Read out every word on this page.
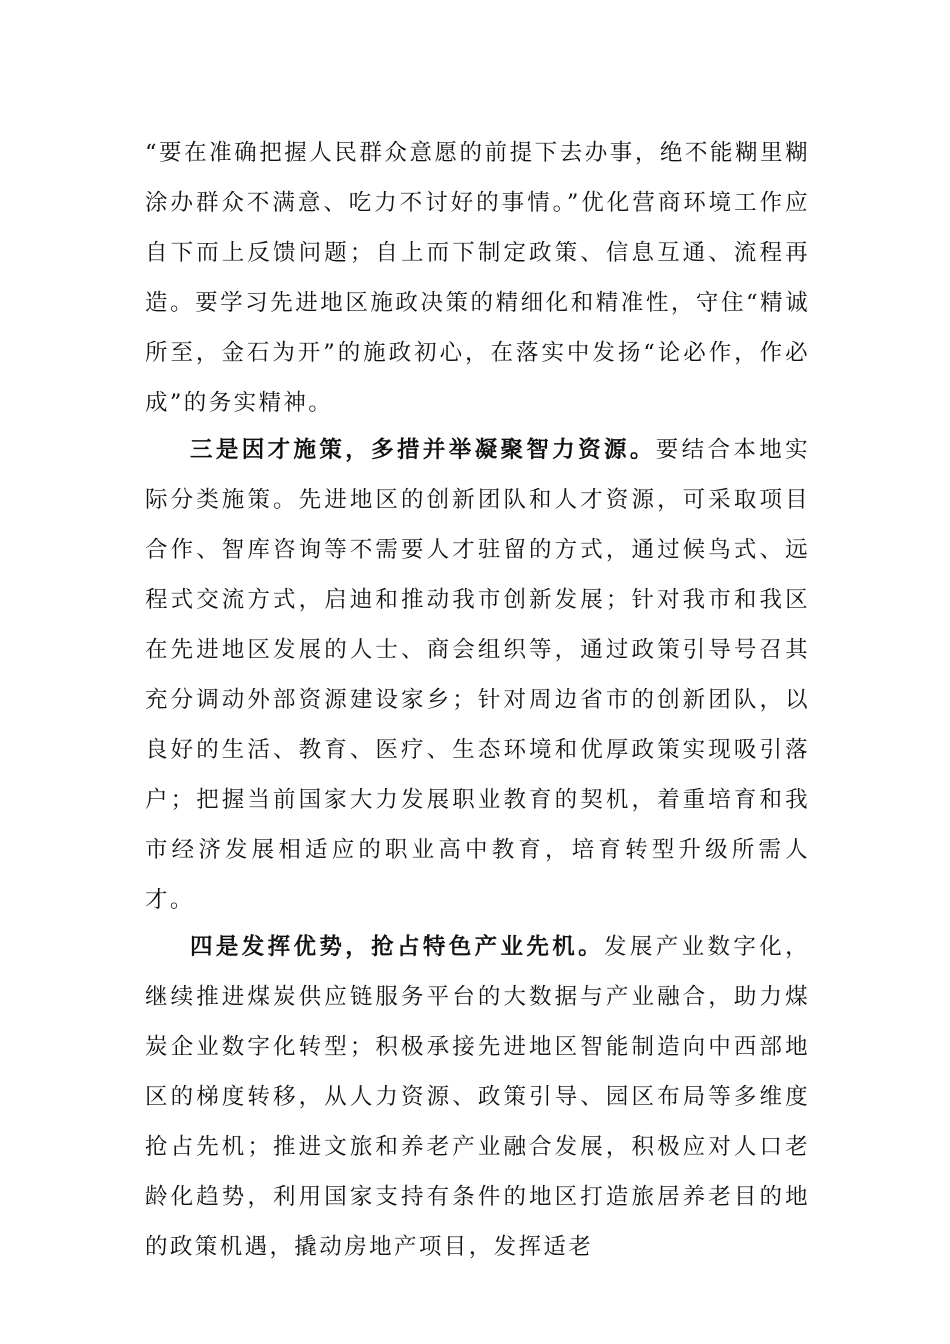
“要在准确把握人民群众意愿的前提下去办事，绝不能糊里糊涂办群众不满意、吃力不讨好的事情。”优化营商环境工作应自下而上反馈问题；自上而下制定政策、信息互通、流程再造。要学习先进地区施政决策的精细化和精准性，守住“精诚所至，金石为开”的施政初心，在落实中发扬“论必作，作必成”的务实精神。

三是因才施策，多措并举凝聚智力资源。要结合本地实际分类施策。先进地区的创新团队和人才资源，可采取项目合作、智库咨询等不需要人才驻留的方式，通过候鸟式、远程式交流方式，启迪和推动我市创新发展；针对我市和我区在先进地区发展的人士、商会组织等，通过政策引导号召其充分调动外部资源建设家乡；针对周边省市的创新团队，以良好的生活、教育、医疗、生态环境和优厚政策实现吸引落户；把握当前国家大力发展职业教育的契机，着重培育和我市经济发展相适应的职业高中教育，培育转型升级所需人才。

四是发挥优势，抢占特色产业先机。发展产业数字化，继续推进煤炭供应链服务平台的大数据与产业融合，助力煤炭企业数字化转型；积极承接先进地区智能制造向中西部地区的梯度转移，从人力资源、政策引导、园区布局等多维度抢占先机；推进文旅和养老产业融合发展，积极应对人口老龄化趋势，利用国家支持有条件的地区打造旅居养老目的地的政策机遇，撬动房地产项目，发挥适老
